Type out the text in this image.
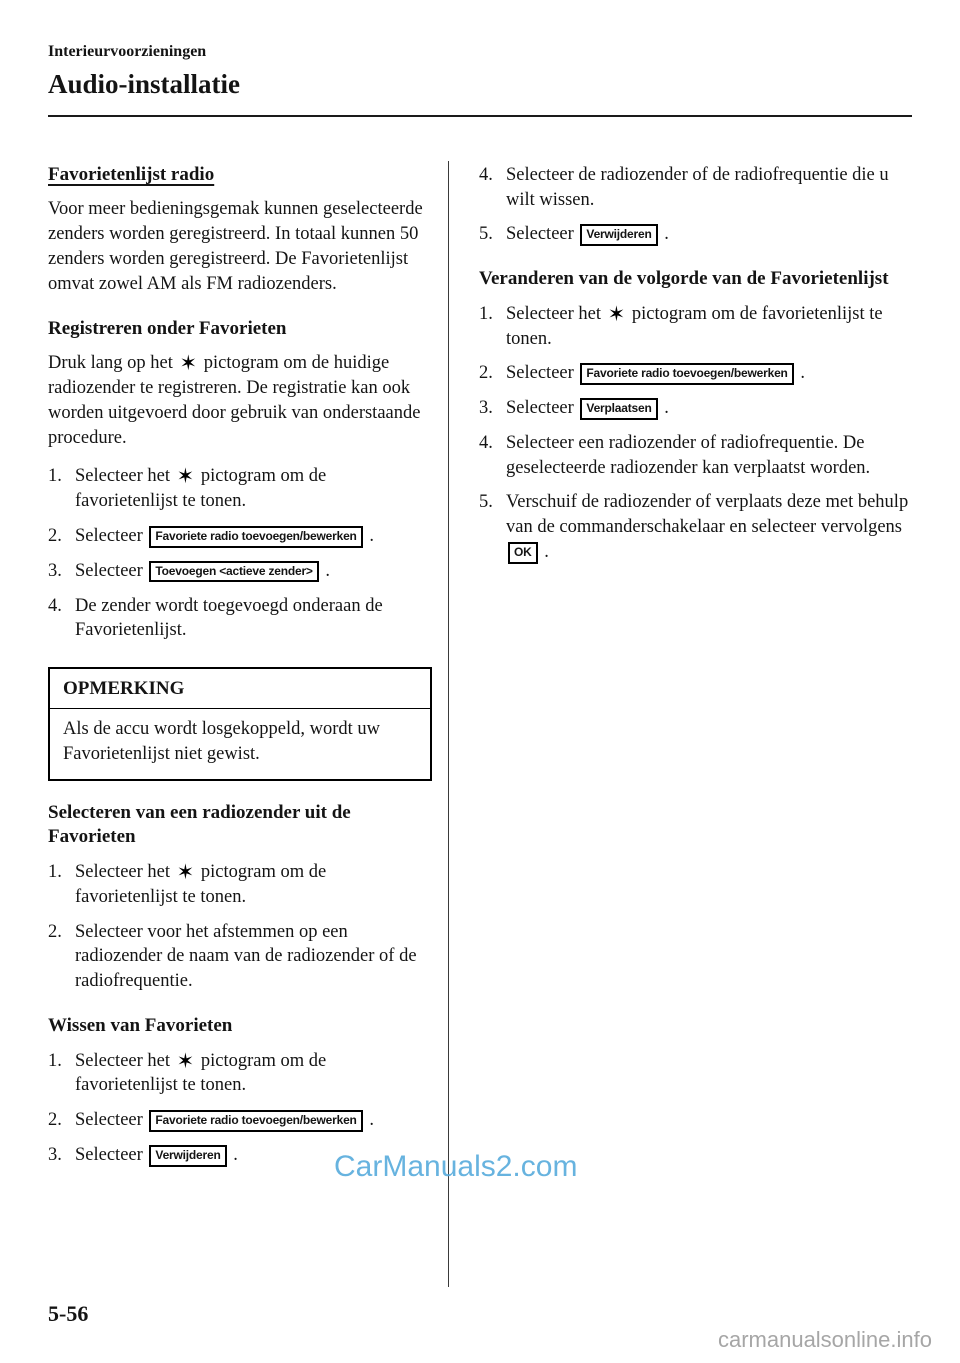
Interieurvoorzieningen
Audio-installatie
Favorietenlijst radio

Voor meer bedieningsgemak kunnen geselecteerde zenders worden geregistreerd. In totaal kunnen 50 zenders worden geregistreerd. De Favorietenlijst omvat zowel AM als FM radiozenders.

Registreren onder Favorieten

Druk lang op het ✶ pictogram om de huidige radiozender te registreren. De registratie kan ook worden uitgevoerd door gebruik van onderstaande procedure.

1. Selecteer het ✶ pictogram om de favorietenlijst te tonen.
2. Selecteer Favoriete radio toevoegen/bewerken .
3. Selecteer Toevoegen <actieve zender> .
4. De zender wordt toegevoegd onderaan de Favorietenlijst.
OPMERKING
Als de accu wordt losgekoppeld, wordt uw Favorietenlijst niet gewist.
Selecteren van een radiozender uit de Favorieten
1. Selecteer het ✶ pictogram om de favorietenlijst te tonen.
2. Selecteer voor het afstemmen op een radiozender de naam van de radiozender of de radiofrequentie.
Wissen van Favorieten
1. Selecteer het ✶ pictogram om de favorietenlijst te tonen.
2. Selecteer Favoriete radio toevoegen/bewerken .
3. Selecteer Verwijderen .
4. Selecteer de radiozender of de radiofrequentie die u wilt wissen.
5. Selecteer Verwijderen .
Veranderen van de volgorde van de Favorietenlijst
1. Selecteer het ✶ pictogram om de favorietenlijst te tonen.
2. Selecteer Favoriete radio toevoegen/bewerken .
3. Selecteer Verplaatsen .
4. Selecteer een radiozender of radiofrequentie. De geselecteerde radiozender kan verplaatst worden.
5. Verschuif de radiozender of verplaats deze met behulp van de commanderschakelaar en selecteer vervolgens OK .
5-56
CarManuals2.com
carmanualsonline.info
